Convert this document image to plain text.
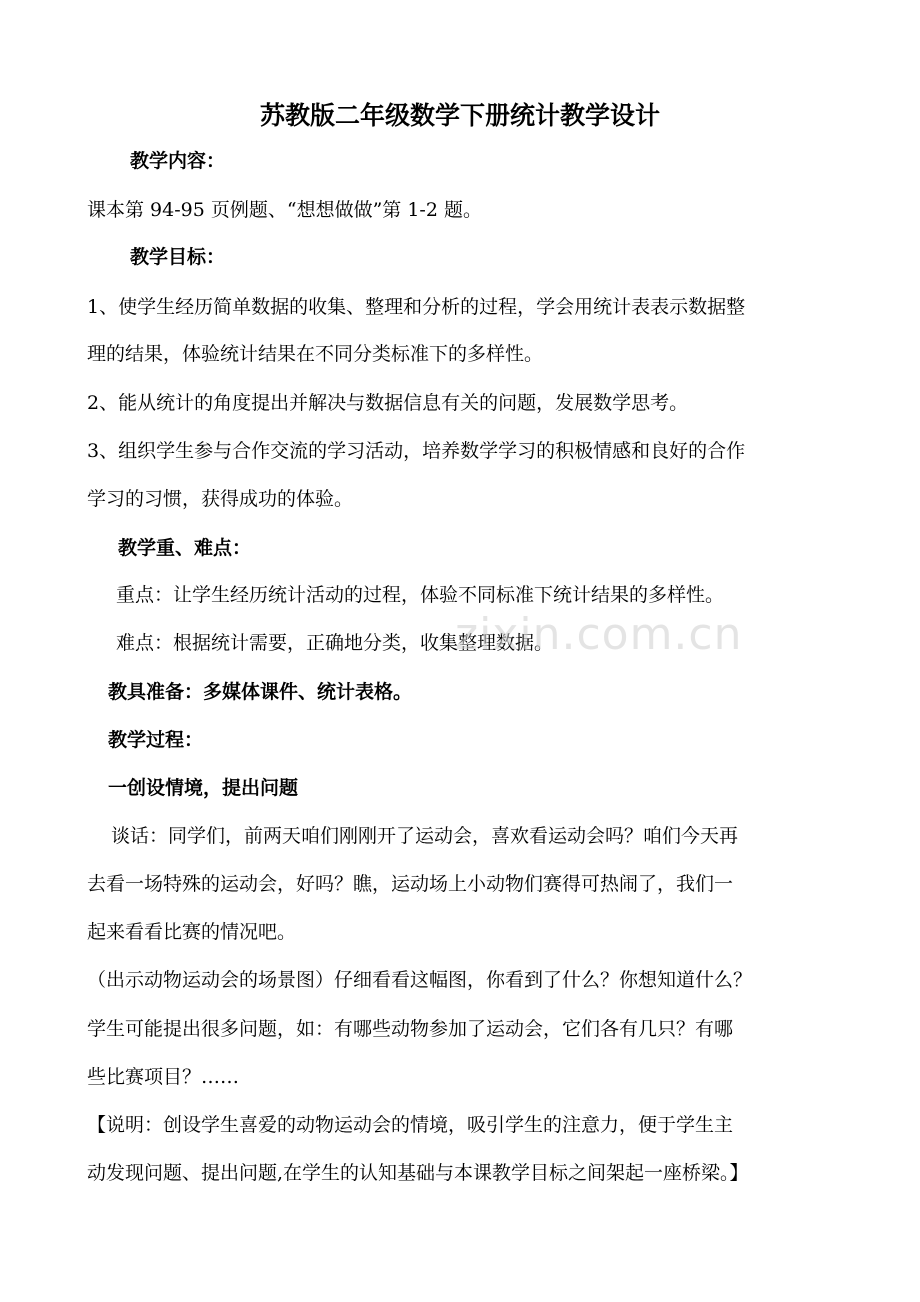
苏教版二年级数学下册统计教学设计
教学内容：
课本第 94-95 页例题、“想想做做”第 1-2 题。
教学目标：
1、使学生经历简单数据的收集、整理和分析的过程，学会用统计表表示数据整
理的结果，体验统计结果在不同分类标准下的多样性。
2、能从统计的角度提出并解决与数据信息有关的问题，发展数学思考。
3、组织学生参与合作交流的学习活动，培养数学学习的积极情感和良好的合作
学习的习惯，获得成功的体验。
教学重、难点：
重点：让学生经历统计活动的过程，体验不同标准下统计结果的多样性。
难点：根据统计需要，正确地分类，收集整理数据。
教具准备：多媒体课件、统计表格。
教学过程：
一创设情境，提出问题
谈话：同学们，前两天咱们刚刚开了运动会，喜欢看运动会吗？咱们今天再
去看一场特殊的运动会，好吗？瞧，运动场上小动物们赛得可热闹了，我们一
起来看看比赛的情况吧。
（出示动物运动会的场景图）仔细看看这幅图，你看到了什么？你想知道什么？
学生可能提出很多问题，如：有哪些动物参加了运动会，它们各有几只？有哪
些比赛项目？……
【说明：创设学生喜爱的动物运动会的情境，吸引学生的注意力，便于学生主
动发现问题、提出问题,在学生的认知基础与本课教学目标之间架起一座桥梁。】
zixin.com.cn
